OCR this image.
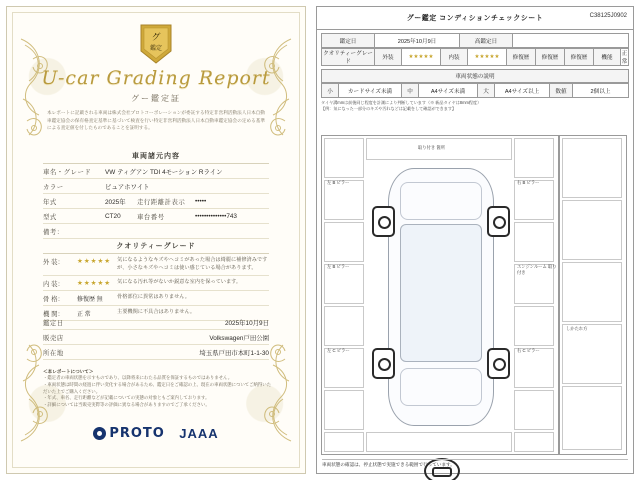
グ
鑑定
U-car Grading Report
グー鑑定証
本レポートに記載される車両は株式会社プロトコーポレーションが委託する特定非営利活動法人日本自動車鑑定協会の保有格査定基準に基づいて検査を行い特定非営利活動法人日本自動車鑑定協会の定める基準による査定値を付したものであることを証明する。
車両諸元内容
車名・グレード	VW ティグアン TDI 4モーション Rライン
カラー	ピュアホワイト
年式	2025年	走行距離計表示	•••••
型式	CT20	車台番号	••••••••••••••743
備考：
クオリティーグレード
外 装：	★★★★★	気になるようなキズやヘコミがあった場合は綺麗に補修済みですが、小さなキズやヘコミは使い感じている場合があります。
内 装：	★★★★★	気になる汚れ等がないか鋭意な室内を保っています。
骨 格：	修復歴 無	骨格部位に異常はありません。
機 関：	正 常	主要機関に不具合はありません。
鑑定日	2025年10月9日
販売店	Volkswagen戸田公園
所在地	埼玉県戸田市本町1-1-30
＜本レポートについて＞
・鑑定者の車両状態を示すものであり、以降将来にわたる品質を保証するものではありません。
・車両状態は時間の経過に伴い変化する場合があるため、鑑定日をご確認の上、現在の車両状態についてご納得いただいた上でご購入ください。
・年式、車名、走行距離などが記載についての実態の対象ともご案内しております。
・詳細については当販売実際等の評価に異なる場合がありますのでご了承ください。
PROTO JAAA
グー鑑定 コンディションチェックシート	C38125J0902
鑑定日	2025年10月9日	高鑑定日	
クオリティーグレード	外装	★★★★★	内装	★★★★★	修復歴	修復歴	修復歴	機能	正常
車両状態の説明
小	カードサイズ未満	中	A4サイズ未満	大	A4サイズ以上	数値	2個以上
タイヤ溝mmは前後同じ程度を計測により判断しています（※ 新品タイヤは8mm程度）
【例：気になった一部分のキズや汚れなどは記載をして確認ができます】
左 B ピラー
左 B ピラー
左 C ピラー
右 B ピラー
エンジンルーム 取り付き
右 C ピラー
取り付き 箇所
しかたれ方
車両状態の確認は、停止状態で実施できる範囲で行っています。
